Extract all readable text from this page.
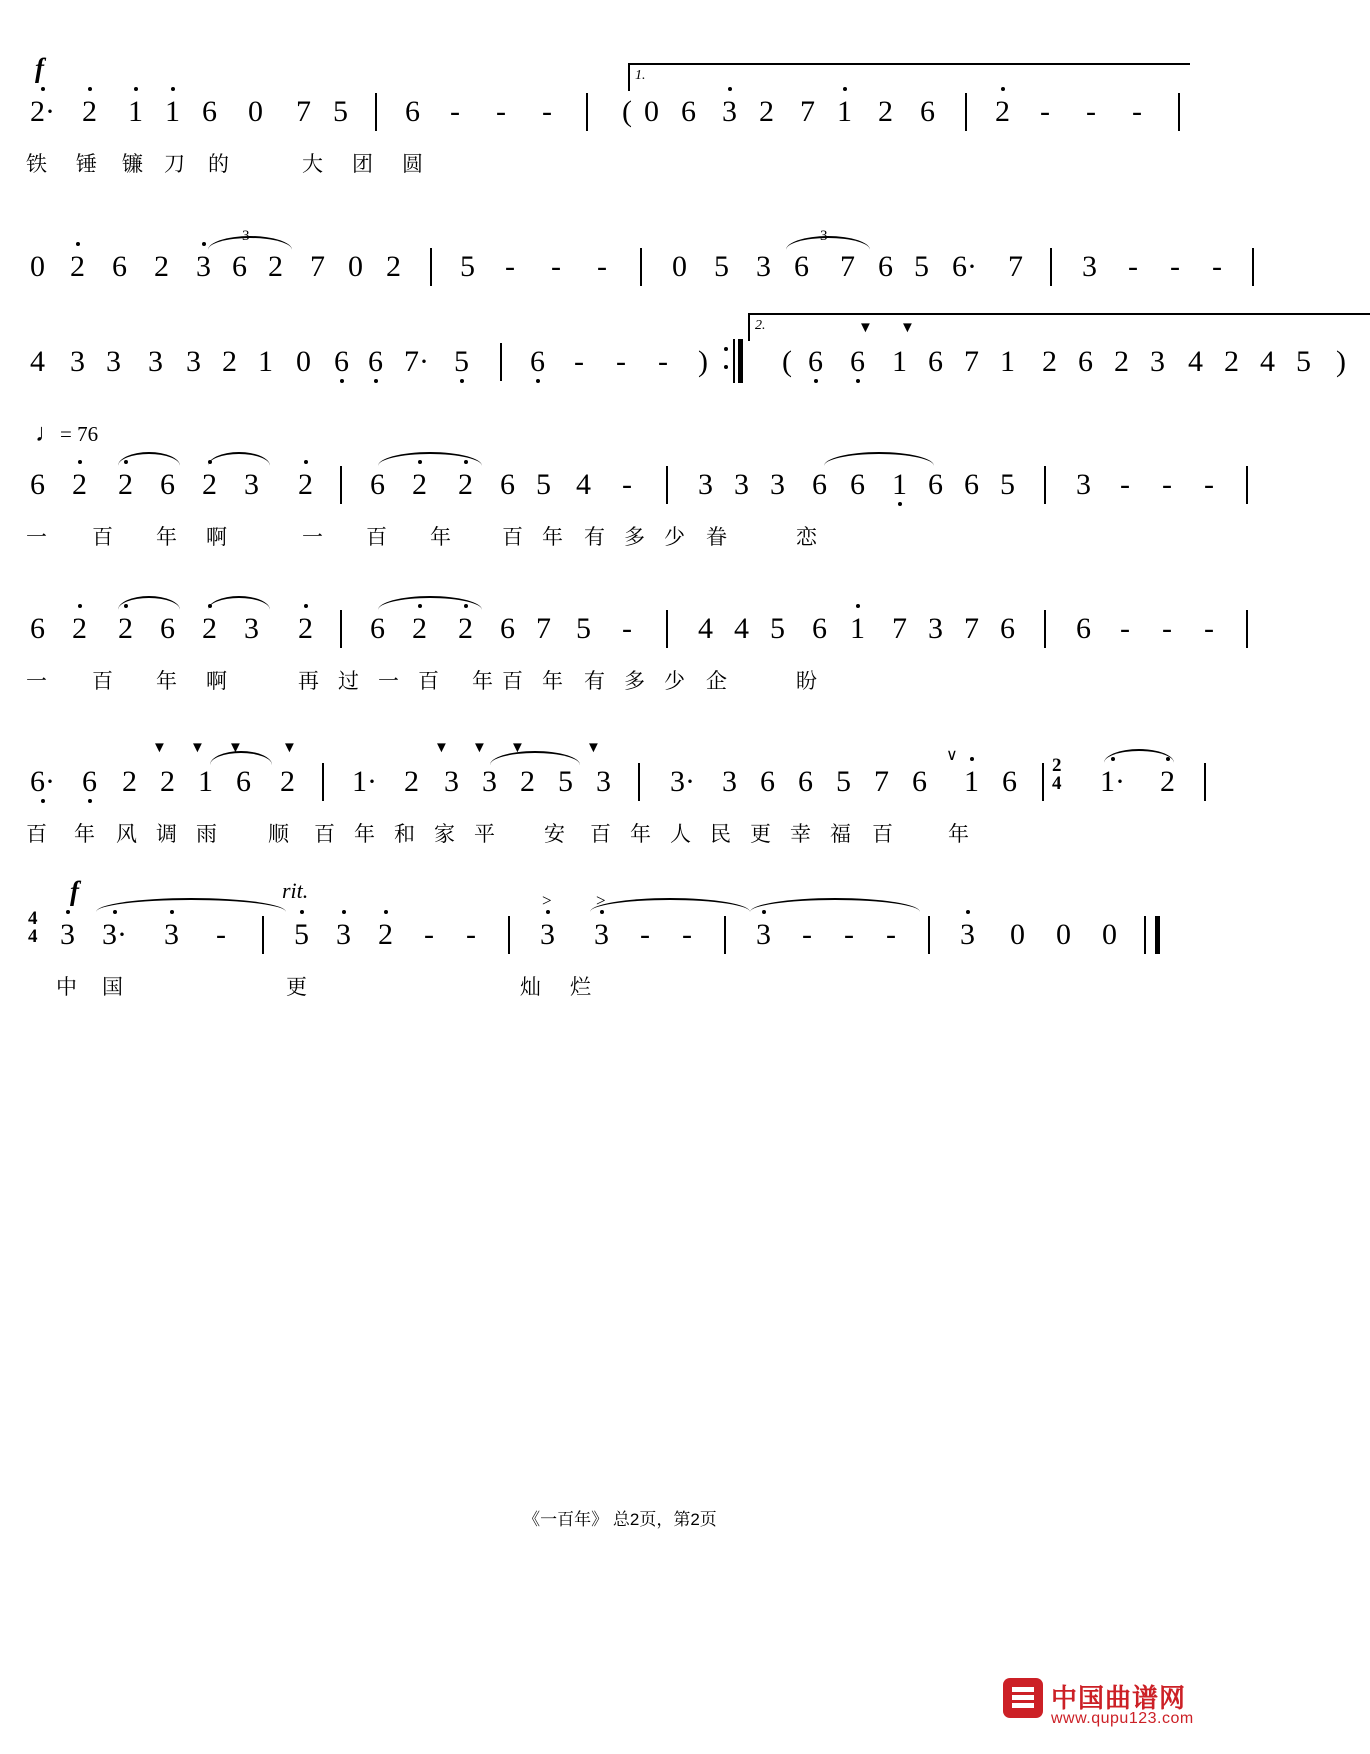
f	1.
2· 2 1 1 6 0 7 5 6 - - - ( 0 6 3 2 7 1 2 6 2 - - -
铁 锤 镰 刀 的	大 团 圆
3	3
0 2 6 2 3 6 2 7 0 2 5 - - - 0 5 3 6 7 6 5 6· 7 3 - - -
2.	▼ ▼
4 3 3 3 3 2 1 0 6 6 7· 5 6 - - - ) ( 6 6 1 6 7 1 2 6 2 3 4 2 4 5 )
♩= 76
6 2 2 6 2 3 2 6 2 2 6 5 4 - 3 3 3 6 6 1 6 6 5 3 - - -
一 百 年 啊	一 百 年 百 年 有 多 少 眷	恋
6 2 2 6 2 3 2 6 2 2 6 7 5 - 4 4 5 6 1 7 3 7 6 6 - - -
一 百 年 啊	再 过 一 百 年 百 年 有 多 少 企	盼
▼ ▼ ▼	▼	▼ ▼ ▼	▼	∨	2
4
6· 6 2 2 1 6 2 1· 2 3 3 2 5 3 3· 3 6 6 5 7 6 1 6	1· 2
百 年 风 调 雨 顺 百 年 和 家 平 安 百 年 人 民 更 幸 福 百	年
f	rit.
4
4
>	>
3 3· 3 - 5 3 2 - - 3 3 - - 3 - - - 3 0 0 0
中 国	更	灿 烂
《一百年》 总2页，第2页
中国曲谱网
www.qupu123.com
